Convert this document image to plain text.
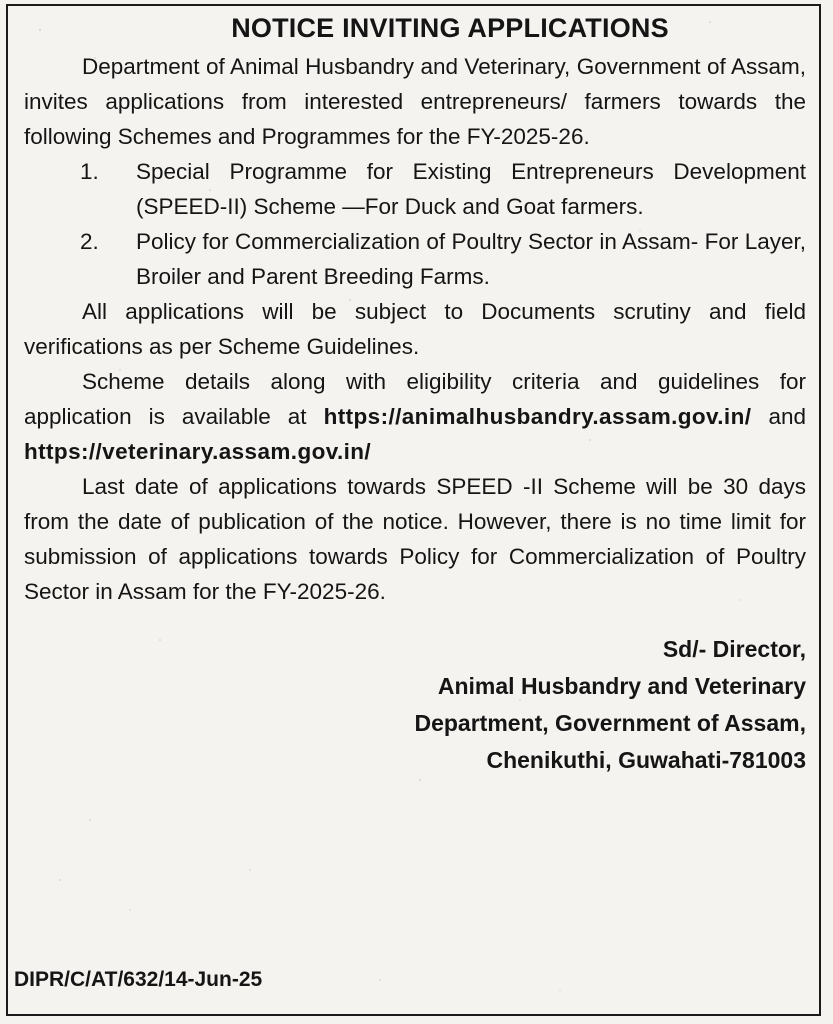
NOTICE INVITING APPLICATIONS

Department of Animal Husbandry and Veterinary, Government of Assam, invites applications from interested entrepreneurs/ farmers towards the following Schemes and Programmes for the FY-2025-26.

1.	Special Programme for Existing Entrepreneurs Development (SPEED-II) Scheme —For Duck and Goat farmers.
2.	Policy for Commercialization of Poultry Sector in Assam- For Layer, Broiler and Parent Breeding Farms.

All applications will be subject to Documents scrutiny and field verifications as per Scheme Guidelines.

Scheme details along with eligibility criteria and guidelines for application is available at https://animalhusbandry.assam.gov.in/ and https://veterinary.assam.gov.in/

Last date of applications towards SPEED -II Scheme will be 30 days from the date of publication of the notice. However, there is no time limit for submission of applications towards Policy for Commercialization of Poultry Sector in Assam for the FY-2025-26.

Sd/- Director,
Animal Husbandry and Veterinary
Department, Government of Assam,
Chenikuthi, Guwahati-781003
DIPR/C/AT/632/14-Jun-25
